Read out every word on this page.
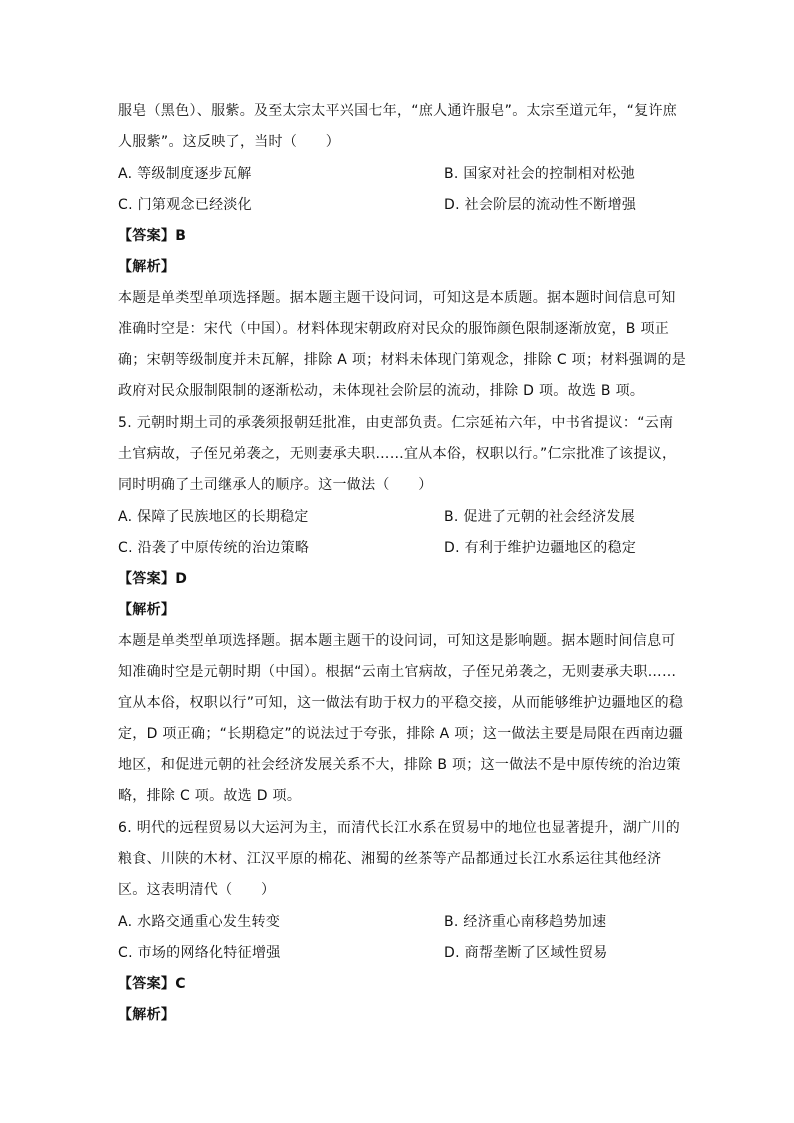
服皂（黑色）、服紫。及至太宗太平兴国七年，“庶人通许服皂”。太宗至道元年，“复许庶
人服紫”。这反映了，当时（　　）
A. 等级制度逐步瓦解	B. 国家对社会的控制相对松弛
C. 门第观念已经淡化	D. 社会阶层的流动性不断增强
【答案】B
【解析】
本题是单类型单项选择题。据本题主题干设问词，可知这是本质题。据本题时间信息可知
准确时空是：宋代（中国）。材料体现宋朝政府对民众的服饰颜色限制逐渐放宽，B 项正
确；宋朝等级制度并未瓦解，排除 A 项；材料未体现门第观念，排除 C 项；材料强调的是
政府对民众服制限制的逐渐松动，未体现社会阶层的流动，排除 D 项。故选 B 项。
5. 元朝时期土司的承袭须报朝廷批准，由吏部负责。仁宗延祐六年，中书省提议：“云南
土官病故，子侄兄弟袭之，无则妻承夫职……宜从本俗，权职以行。”仁宗批准了该提议，
同时明确了土司继承人的顺序。这一做法（　　）
A. 保障了民族地区的长期稳定	B. 促进了元朝的社会经济发展
C. 沿袭了中原传统的治边策略	D. 有利于维护边疆地区的稳定
【答案】D
【解析】
本题是单类型单项选择题。据本题主题干的设问词，可知这是影响题。据本题时间信息可
知准确时空是元朝时期（中国）。根据“云南土官病故，子侄兄弟袭之，无则妻承夫职……
宜从本俗，权职以行”可知，这一做法有助于权力的平稳交接，从而能够维护边疆地区的稳
定，D 项正确；“长期稳定”的说法过于夸张，排除 A 项；这一做法主要是局限在西南边疆
地区，和促进元朝的社会经济发展关系不大，排除 B 项；这一做法不是中原传统的治边策
略，排除 C 项。故选 D 项。
6. 明代的远程贸易以大运河为主，而清代长江水系在贸易中的地位也显著提升，湖广川的
粮食、川陕的木材、江汉平原的棉花、湘蜀的丝茶等产品都通过长江水系运往其他经济
区。这表明清代（　　）
A. 水路交通重心发生转变	B. 经济重心南移趋势加速
C. 市场的网络化特征增强	D. 商帮垄断了区域性贸易
【答案】C
【解析】
